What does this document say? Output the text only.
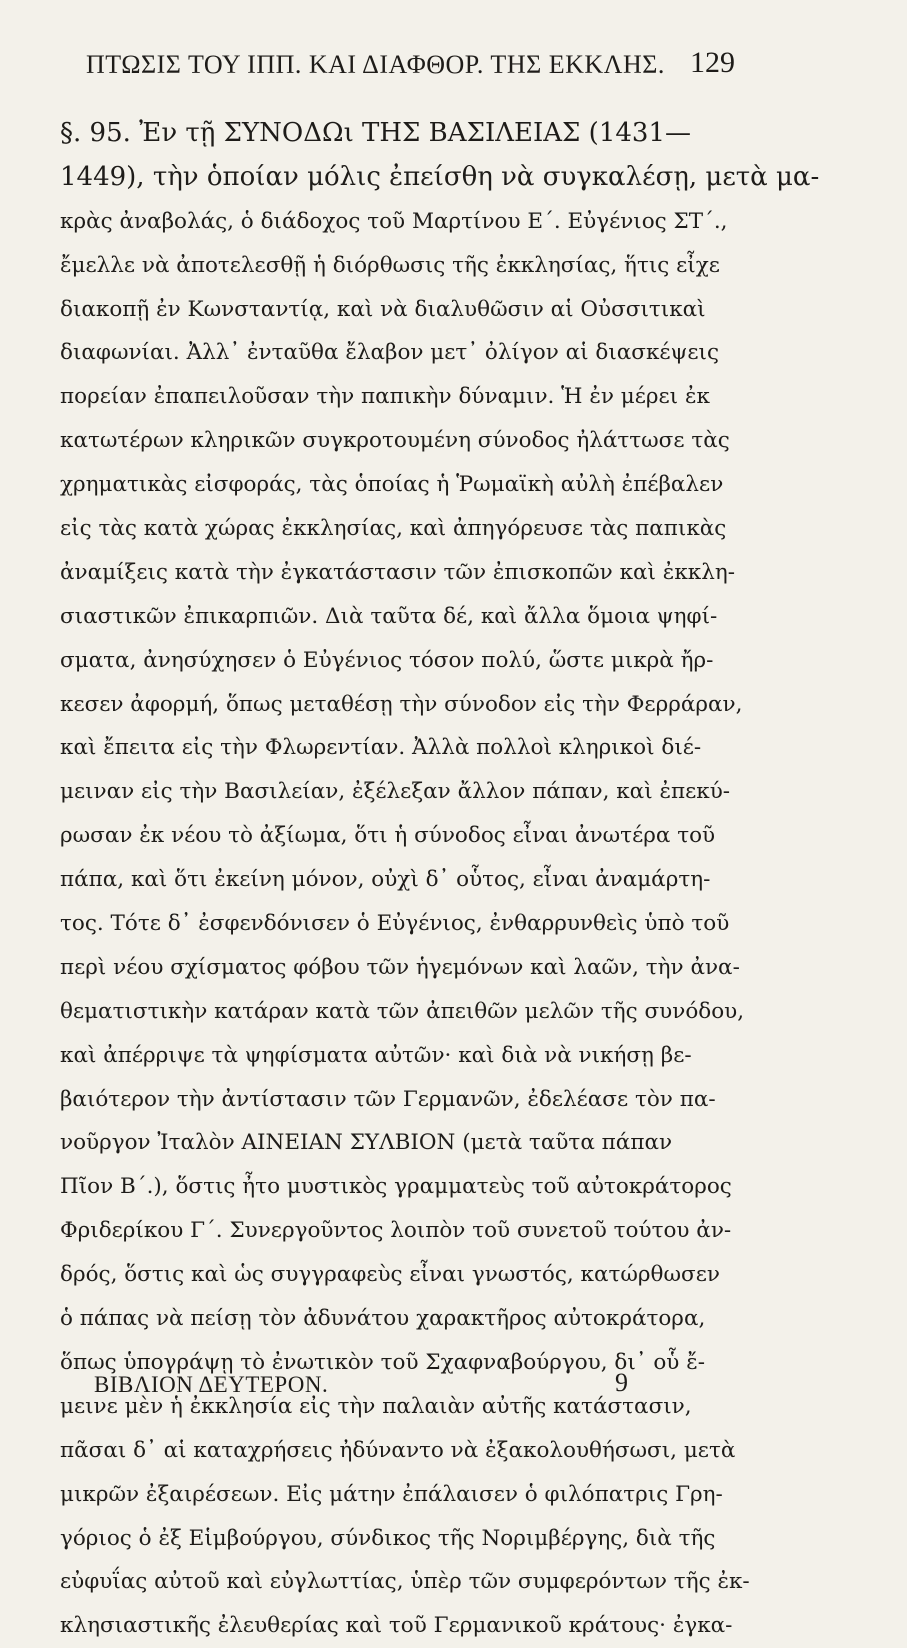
ΠΤΩΣΙΣ ΤΟΥ ΙΠΠ. ΚΑΙ ΔΙΑΦΘΟΡ. ΤΗΣ ΕΚΚΛΗΣ. 129
§. 95. Ἐν τῇ ΣΥΝΟΔΩι ΤΗΣ ΒΑΣΙΛΕΙΑΣ (1431—
1449), τὴν ὁποίαν μόλις ἐπείσθη νὰ συγκαλέσῃ, μετὰ μα-
κρὰς ἀναβολάς, ὁ διάδοχος τοῦ Μαρτίνου Ε΄. Εὐγένιος ΣΤ΄.,
ἔμελλε νὰ ἀποτελεσθῇ ἡ διόρθωσις τῆς ἐκκλησίας, ἥτις εἶχε
διακοπῇ ἐν Κωνσταντίᾳ, καὶ νὰ διαλυθῶσιν αἱ Οὐσσιτικαὶ
διαφωνίαι. Ἀλλ᾽ ἐνταῦθα ἔλαβον μετ᾽ ὀλίγον αἱ διασκέψεις
πορείαν ἐπαπειλοῦσαν τὴν παπικὴν δύναμιν. Ἡ ἐν μέρει ἐκ
κατωτέρων κληρικῶν συγκροτουμένη σύνοδος ἠλάττωσε τὰς
χρηματικὰς εἰσφοράς, τὰς ὁποίας ἡ Ῥωμαϊκὴ αὐλὴ ἐπέβαλεν
εἰς τὰς κατὰ χώρας ἐκκλησίας, καὶ ἀπηγόρευσε τὰς παπικὰς
ἀναμίξεις κατὰ τὴν ἐγκατάστασιν τῶν ἐπισκοπῶν καὶ ἐκκλη-
σιαστικῶν ἐπικαρπιῶν. Διὰ ταῦτα δέ, καὶ ἄλλα ὅμοια ψηφί-
σματα, ἀνησύχησεν ὁ Εὐγένιος τόσον πολύ, ὥστε μικρὰ ἤρ-
κεσεν ἀφορμή, ὅπως μεταθέσῃ τὴν σύνοδον εἰς τὴν Φερράραν,
καὶ ἔπειτα εἰς τὴν Φλωρεντίαν. Ἀλλὰ πολλοὶ κληρικοὶ διέ-
μειναν εἰς τὴν Βασιλείαν, ἐξέλεξαν ἄλλον πάπαν, καὶ ἐπεκύ-
ρωσαν ἐκ νέου τὸ ἀξίωμα, ὅτι ἡ σύνοδος εἶναι ἀνωτέρα τοῦ
πάπα, καὶ ὅτι ἐκείνη μόνον, οὐχὶ δ᾽ οὗτος, εἶναι ἀναμάρτη-
τος. Τότε δ᾽ ἐσφενδόνισεν ὁ Εὐγένιος, ἐνθαρρυνθεὶς ὑπὸ τοῦ
περὶ νέου σχίσματος φόβου τῶν ἡγεμόνων καὶ λαῶν, τὴν ἀνα-
θεματιστικὴν κατάραν κατὰ τῶν ἀπειθῶν μελῶν τῆς συνόδου,
καὶ ἀπέρριψε τὰ ψηφίσματα αὐτῶν· καὶ διὰ νὰ νικήσῃ βε-
βαιότερον τὴν ἀντίστασιν τῶν Γερμανῶν, ἐδελέασε τὸν πα-
νοῦργον Ἰταλὸν ΑΙΝΕΙΑΝ ΣΥΛΒΙΟΝ (μετὰ ταῦτα πάπαν
Πῖον Β΄.), ὅστις ἦτο μυστικὸς γραμματεὺς τοῦ αὐτοκράτορος
Φριδερίκου Γ΄. Συνεργοῦντος λοιπὸν τοῦ συνετοῦ τούτου ἀν-
δρός, ὅστις καὶ ὡς συγγραφεὺς εἶναι γνωστός, κατώρθωσεν
ὁ πάπας νὰ πείσῃ τὸν ἀδυνάτου χαρακτῆρος αὐτοκράτορα,
ὅπως ὑπογράψῃ τὸ ἐνωτικὸν τοῦ Σχαφναβούργου, δι᾽ οὗ ἔ-
μεινε μὲν ἡ ἐκκλησία εἰς τὴν παλαιὰν αὐτῆς κατάστασιν,
πᾶσαι δ᾽ αἱ καταχρήσεις ἠδύναντο νὰ ἐξακολουθήσωσι, μετὰ
μικρῶν ἐξαιρέσεων. Εἰς μάτην ἐπάλαισεν ὁ φιλόπατρις Γρη-
γόριος ὁ ἐξ Εἱμβούργου, σύνδικος τῆς Νοριμβέργης, διὰ τῆς
εὐφυΐας αὐτοῦ καὶ εὐγλωττίας, ὑπὲρ τῶν συμφερόντων τῆς ἐκ-
κλησιαστικῆς ἐλευθερίας καὶ τοῦ Γερμανικοῦ κράτους· ἐγκα-
ΒΙΒΛΙΟΝ ΔΕΥΤΕΡΟΝ.	9
